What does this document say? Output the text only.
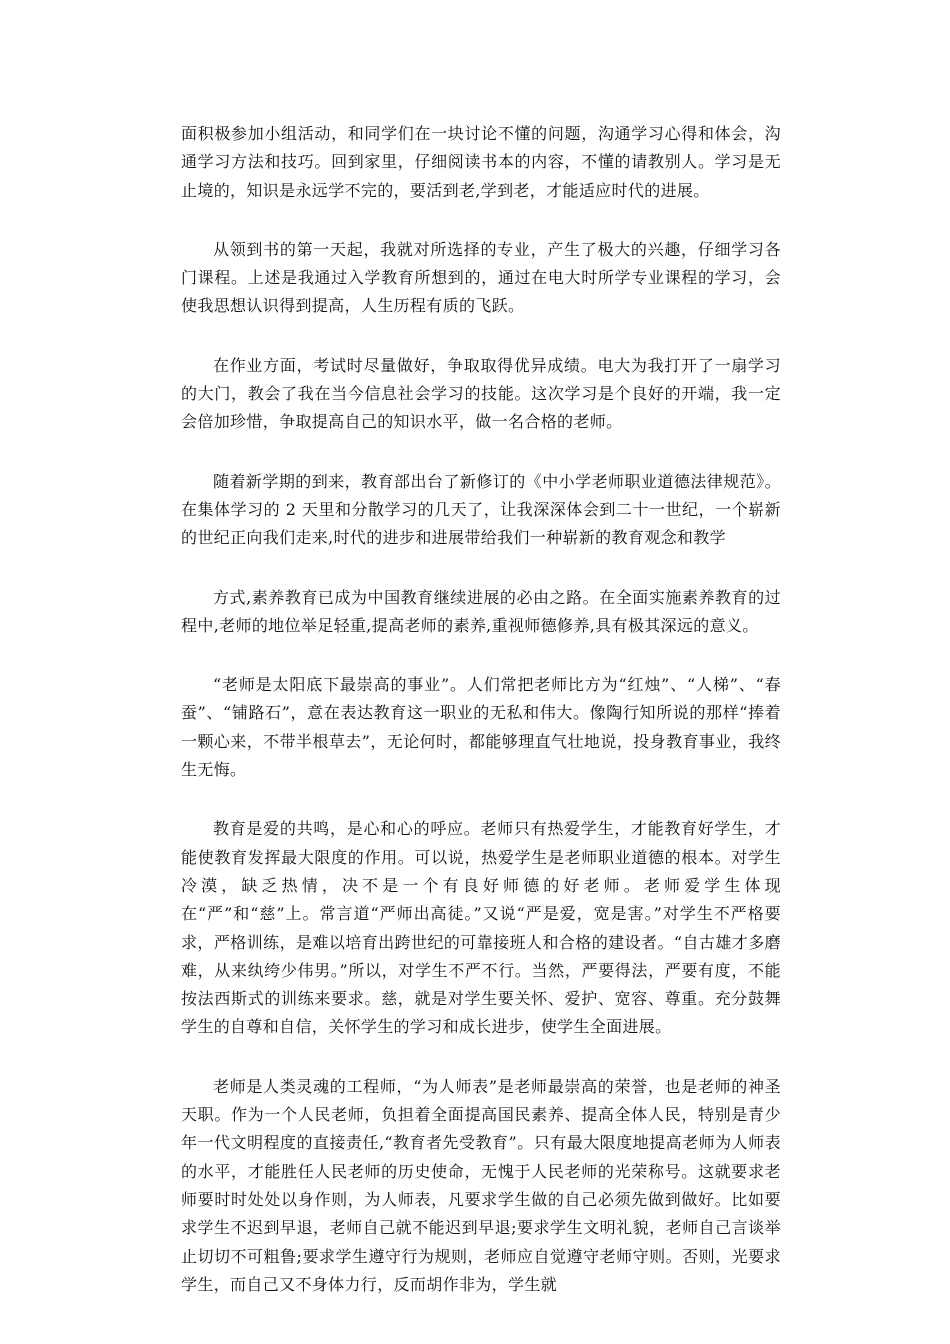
面积极参加小组活动，和同学们在一块讨论不懂的问题，沟通学习心得和体会，沟通学习方法和技巧。回到家里，仔细阅读书本的内容，不懂的请教别人。学习是无止境的，知识是永远学不完的，要活到老,学到老，才能适应时代的进展。

从领到书的第一天起，我就对所选择的专业，产生了极大的兴趣，仔细学习各门课程。上述是我通过入学教育所想到的，通过在电大时所学专业课程的学习，会使我思想认识得到提高，人生历程有质的飞跃。

在作业方面，考试时尽量做好，争取取得优异成绩。电大为我打开了一扇学习的大门，教会了我在当今信息社会学习的技能。这次学习是个良好的开端，我一定会倍加珍惜，争取提高自己的知识水平，做一名合格的老师。

随着新学期的到来，教育部出台了新修订的《中小学老师职业道德法律规范》。在集体学习的 2 天里和分散学习的几天了，让我深深体会到二十一世纪，一个崭新的世纪正向我们走来,时代的进步和进展带给我们一种崭新的教育观念和教学

方式,素养教育已成为中国教育继续进展的必由之路。在全面实施素养教育的过程中,老师的地位举足轻重,提高老师的素养,重视师德修养,具有极其深远的意义。

“老师是太阳底下最崇高的事业”。人们常把老师比方为“红烛”、“人梯”、“春蚕”、“铺路石”，意在表达教育这一职业的无私和伟大。像陶行知所说的那样“捧着一颗心来，不带半根草去”，无论何时，都能够理直气壮地说，投身教育事业，我终生无悔。

教育是爱的共鸣，是心和心的呼应。老师只有热爱学生，才能教育好学生，才能使教育发挥最大限度的作用。可以说，热爱学生是老师职业道德的根本。对学生冷漠，缺乏热情，决不是一个有良好师德的好老师。老师爱学生体现在“严”和“慈”上。常言道“严师出高徒。”又说“严是爱，宽是害。”对学生不严格要求，严格训练，是难以培育出跨世纪的可靠接班人和合格的建设者。“自古雄才多磨难，从来纨绔少伟男。”所以，对学生不严不行。当然，严要得法，严要有度，不能按法西斯式的训练来要求。慈，就是对学生要关怀、爱护、宽容、尊重。充分鼓舞学生的自尊和自信，关怀学生的学习和成长进步，使学生全面进展。

老师是人类灵魂的工程师，“为人师表”是老师最崇高的荣誉，也是老师的神圣天职。作为一个人民老师，负担着全面提高国民素养、提高全体人民，特别是青少年一代文明程度的直接责任,“教育者先受教育”。只有最大限度地提高老师为人师表的水平，才能胜任人民老师的历史使命，无愧于人民老师的光荣称号。这就要求老师要时时处处以身作则，为人师表，凡要求学生做的自己必须先做到做好。比如要求学生不迟到早退，老师自己就不能迟到早退;要求学生文明礼貌，老师自己言谈举止切切不可粗鲁;要求学生遵守行为规则，老师应自觉遵守老师守则。否则，光要求学生，而自己又不身体力行，反而胡作非为，学生就
